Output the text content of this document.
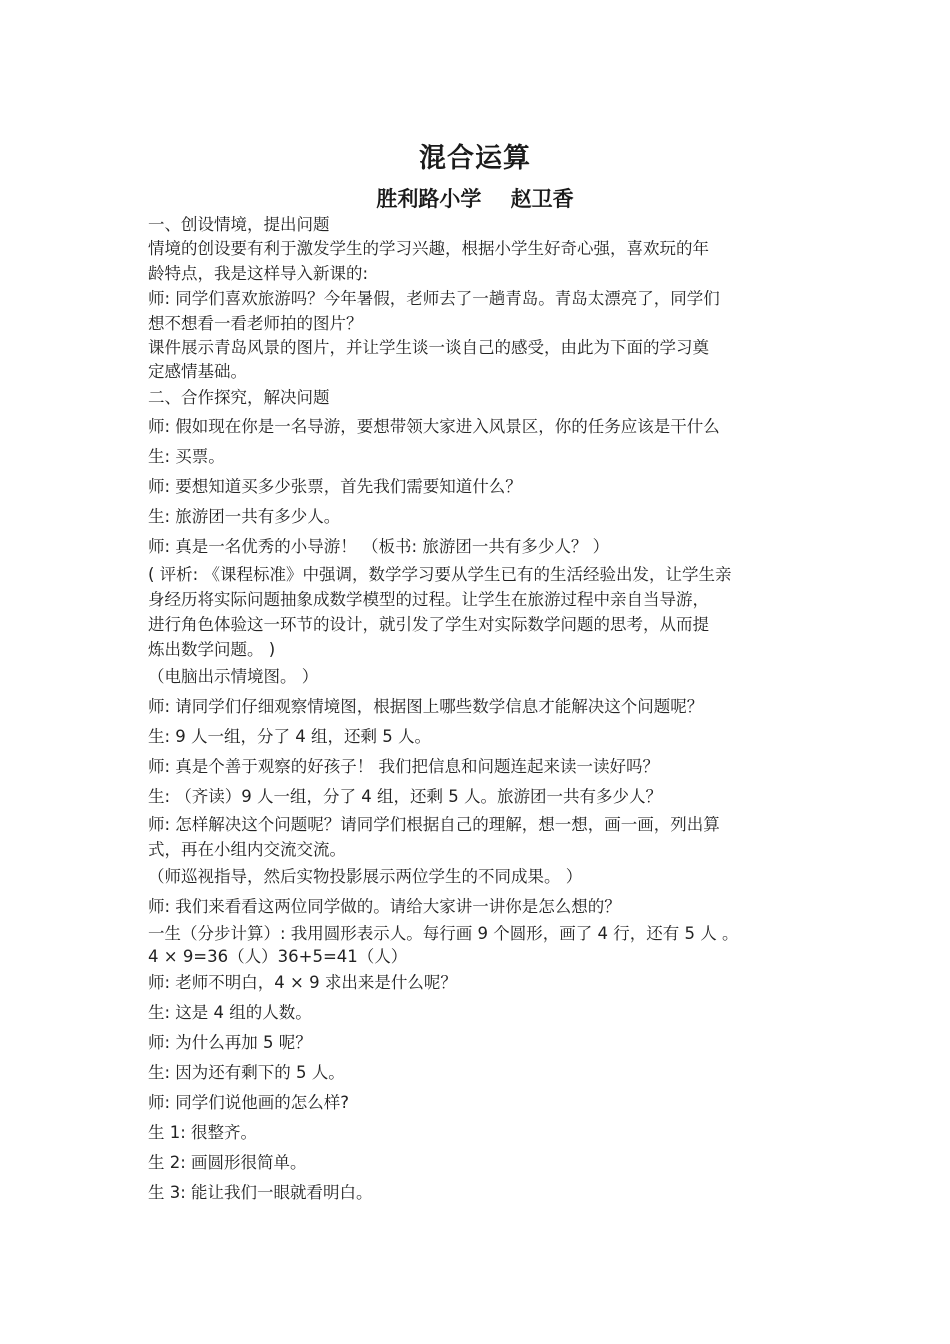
混合运算
胜利路小学    赵卫香

一、创设情境，提出问题

情境的创设要有利于激发学生的学习兴趣，根据小学生好奇心强，喜欢玩的年
龄特点，我是这样导入新课的:

师: 同学们喜欢旅游吗？今年暑假，老师去了一趟青岛。青岛太漂亮了，同学们
想不想看一看老师拍的图片？

课件展示青岛风景的图片，并让学生谈一谈自己的感受，由此为下面的学习奠
定感情基础。

二、合作探究，解决问题

师: 假如现在你是一名导游，要想带领大家进入风景区，你的任务应该是干什么

生: 买票。

师: 要想知道买多少张票，首先我们需要知道什么？

生: 旅游团一共有多少人。

师: 真是一名优秀的小导游！ （板书: 旅游团一共有多少人？ ）

( 评析: 《课程标准》中强调，数学学习要从学生已有的生活经验出发，让学生亲
身经历将实际问题抽象成数学模型的过程。让学生在旅游过程中亲自当导游，
进行角色体验这一环节的设计，就引发了学生对实际数学问题的思考，从而提
炼出数学问题。 )

（电脑出示情境图。 ）

师: 请同学们仔细观察情境图，根据图上哪些数学信息才能解决这个问题呢？

生: 9 人一组，分了 4 组，还剩 5 人。

师: 真是个善于观察的好孩子！ 我们把信息和问题连起来读一读好吗？

生: （齐读）9 人一组，分了 4 组，还剩 5 人。旅游团一共有多少人？

师: 怎样解决这个问题呢？请同学们根据自己的理解，想一想，画一画，列出算
式，再在小组内交流交流。

（师巡视指导，然后实物投影展示两位学生的不同成果。 ）

师: 我们来看看这两位同学做的。请给大家讲一讲你是怎么想的？

一生（分步计算）: 我用圆形表示人。每行画 9 个圆形，画了 4 行，还有 5 人 。
4 × 9=36（人）36+5=41（人）

师: 老师不明白，4 × 9 求出来是什么呢？

生: 这是 4 组的人数。

师: 为什么再加 5 呢？

生: 因为还有剩下的 5 人。

师: 同学们说他画的怎么样?

生 1: 很整齐。

生 2: 画圆形很简单。

生 3: 能让我们一眼就看明白。
